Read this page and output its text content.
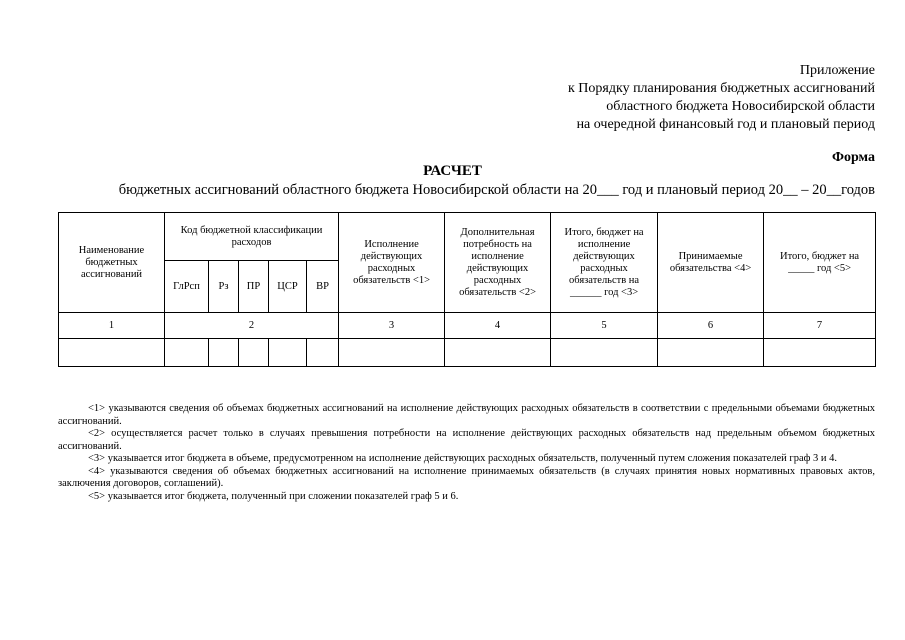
Приложение
к Порядку планирования бюджетных ассигнований
областного бюджета Новосибирской области
на очередной финансовый год и плановый период
Форма
РАСЧЕТ
бюджетных ассигнований областного бюджета Новосибирской области на 20___ год и плановый период 20__ – 20__годов
Наименование бюджетных ассигнований	Код бюджетной классификации расходов					Исполнение действующих расходных обязательств <1>	Дополнительная потребность на исполнение действующих расходных обязательств <2>	Итого, бюджет на исполнение действующих расходных обязательств на ______ год <3>	Принимаемые обязательства <4>	Итого, бюджет на _____ год <5>
	ГлРсп	Рз	ПР	ЦСР	ВР					
1	2					3	4	5	6	7

<1> указываются сведения об объемах бюджетных ассигнований на исполнение действующих расходных обязательств в соответствии с предельными объемами бюджетных ассигнований.

<2> осуществляется расчет только в случаях превышения потребности на исполнение действующих расходных обязательств над предельным объемом бюджетных ассигнований.

<3> указывается итог бюджета в объеме, предусмотренном на исполнение действующих расходных обязательств, полученный путем сложения показателей граф 3 и 4.

<4> указываются сведения об объемах бюджетных ассигнований на исполнение принимаемых обязательств (в случаях принятия новых нормативных правовых актов, заключения договоров, соглашений).

<5> указывается итог бюджета, полученный при сложении показателей граф 5 и 6.
